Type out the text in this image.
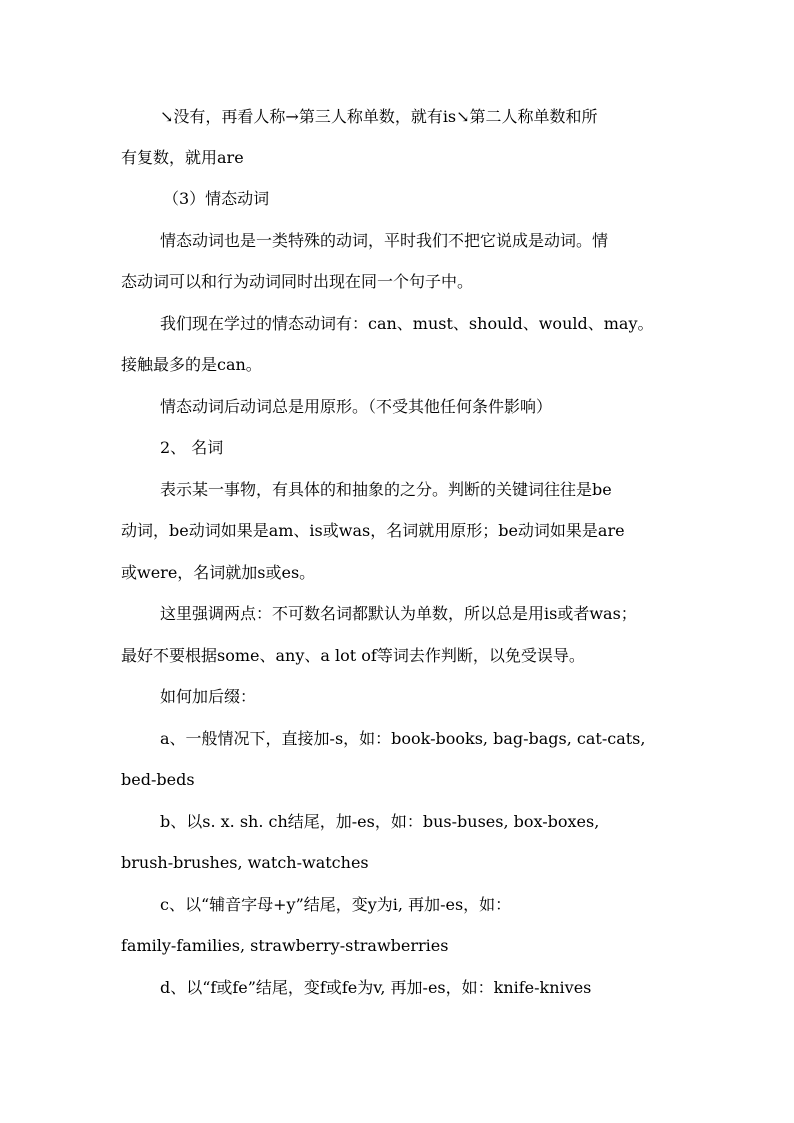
↘没有，再看人称→第三人称单数，就有is↘第二人称单数和所
有复数，就用are
（3）情态动词
情态动词也是一类特殊的动词，平时我们不把它说成是动词。情
态动词可以和行为动词同时出现在同一个句子中。
我们现在学过的情态动词有：can、must、should、would、may。
接触最多的是can。
情态动词后动词总是用原形。（不受其他任何条件影响）
2、 名词
表示某一事物，有具体的和抽象的之分。判断的关键词往往是be
动词，be动词如果是am、is或was，名词就用原形；be动词如果是are
或were，名词就加s或es。
这里强调两点：不可数名词都默认为单数，所以总是用is或者was；
最好不要根据some、any、a lot of等词去作判断，以免受误导。
如何加后缀：
a、一般情况下，直接加-s，如：book-books, bag-bags, cat-cats,
bed-beds
b、以s. x. sh. ch结尾，加-es，如：bus-buses, box-boxes,
brush-brushes, watch-watches
c、以“辅音字母+y”结尾，变y为i, 再加-es，如：
family-families, strawberry-strawberries
d、以“f或fe”结尾，变f或fe为v, 再加-es，如：knife-knives
